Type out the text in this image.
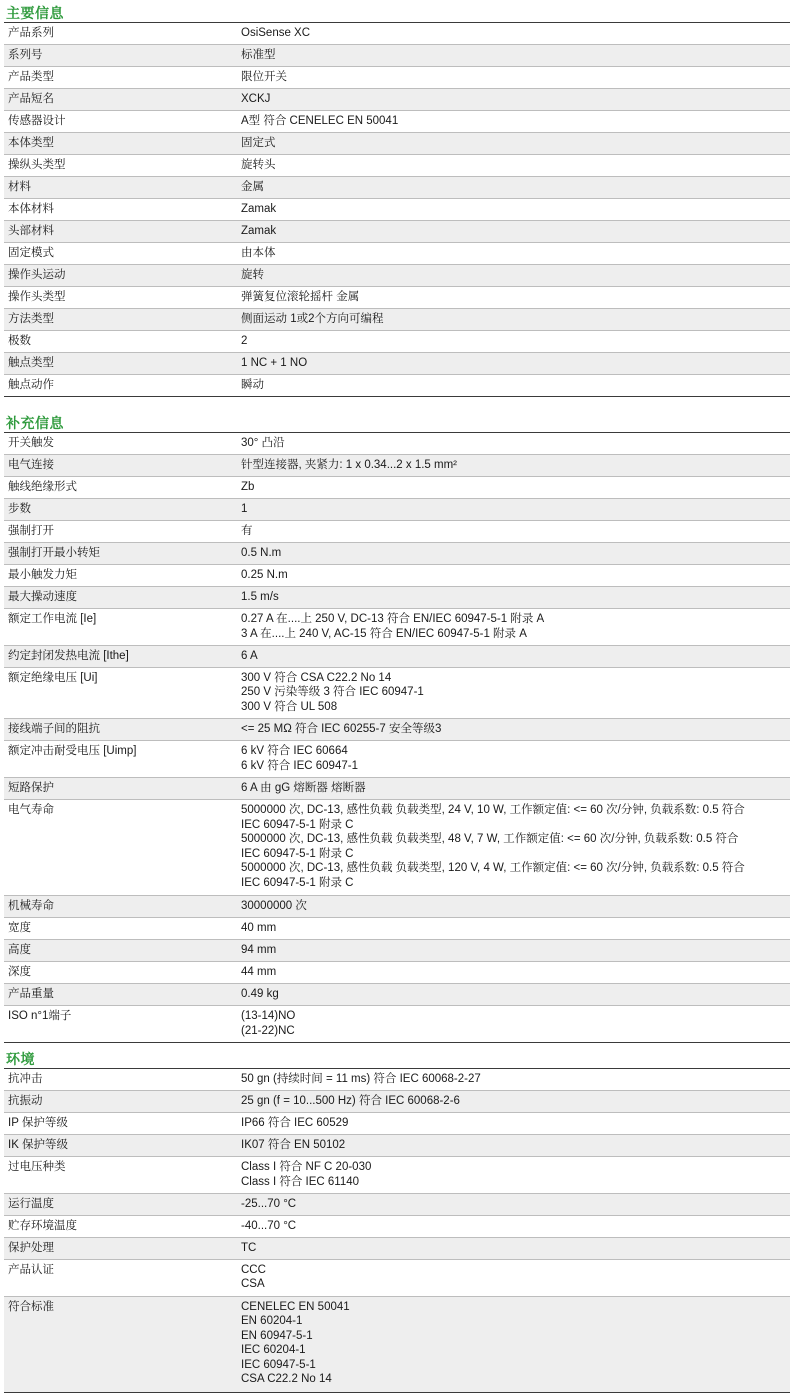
主要信息
产品系列	OsiSense XC
系列号	标准型
产品类型	限位开关
产品短名	XCKJ
传感器设计	A型 符合 CENELEC EN 50041
本体类型	固定式
操纵头类型	旋转头
材料	金属
本体材料	Zamak
头部材料	Zamak
固定模式	由本体
操作头运动	旋转
操作头类型	弹簧复位滚轮摇杆 金属
方法类型	侧面运动 1或2个方向可编程
极数	2
触点类型	1 NC + 1 NO
触点动作	瞬动
补充信息
开关触发	30° 凸沿
电气连接	针型连接器, 夹紧力: 1 x 0.34...2 x 1.5 mm²
触线绝缘形式	Zb
步数	1
强制打开	有
强制打开最小转矩	0.5 N.m
最小触发力矩	0.25 N.m
最大操动速度	1.5 m/s
额定工作电流 [Ie]	0.27 A 在....上 250 V, DC-13 符合 EN/IEC 60947-5-1 附录 A
3 A 在....上 240 V, AC-15 符合 EN/IEC 60947-5-1 附录 A
约定封闭发热电流 [Ithe]	6 A
额定绝缘电压 [Ui]	300 V 符合 CSA C22.2 No 14
250 V 污染等级 3 符合 IEC 60947-1
300 V 符合 UL 508
接线端子间的阻抗	<= 25 MΩ 符合 IEC 60255-7 安全等级3
额定冲击耐受电压 [Uimp]	6 kV 符合 IEC 60664
6 kV 符合 IEC 60947-1
短路保护	6 A 由 gG 熔断器 熔断器
电气寿命	5000000 次, DC-13, 感性负载 负载类型, 24 V, 10 W, 工作额定值: <= 60 次/分钟, 负载系数: 0.5 符合
IEC 60947-5-1 附录 C
5000000 次, DC-13, 感性负载 负载类型, 48 V, 7 W, 工作额定值: <= 60 次/分钟, 负载系数: 0.5 符合
IEC 60947-5-1 附录 C
5000000 次, DC-13, 感性负载 负载类型, 120 V, 4 W, 工作额定值: <= 60 次/分钟, 负载系数: 0.5 符合
IEC 60947-5-1 附录 C
机械寿命	30000000 次
宽度	40 mm
高度	94 mm
深度	44 mm
产品重量	0.49 kg
ISO n°1端子	(13-14)NO
(21-22)NC
环境
抗冲击	50 gn (持续时间 = 11 ms) 符合 IEC 60068-2-27
抗振动	25 gn (f = 10...500 Hz) 符合 IEC 60068-2-6
IP 保护等级	IP66 符合 IEC 60529
IK 保护等级	IK07 符合 EN 50102
过电压种类	Class I 符合 NF C 20-030
Class I 符合 IEC 61140
运行温度	-25...70 °C
贮存环境温度	-40...70 °C
保护处理	TC
产品认证	CCC
CSA
符合标准	CENELEC EN 50041
EN 60204-1
EN 60947-5-1
IEC 60204-1
IEC 60947-5-1
CSA C22.2 No 14
